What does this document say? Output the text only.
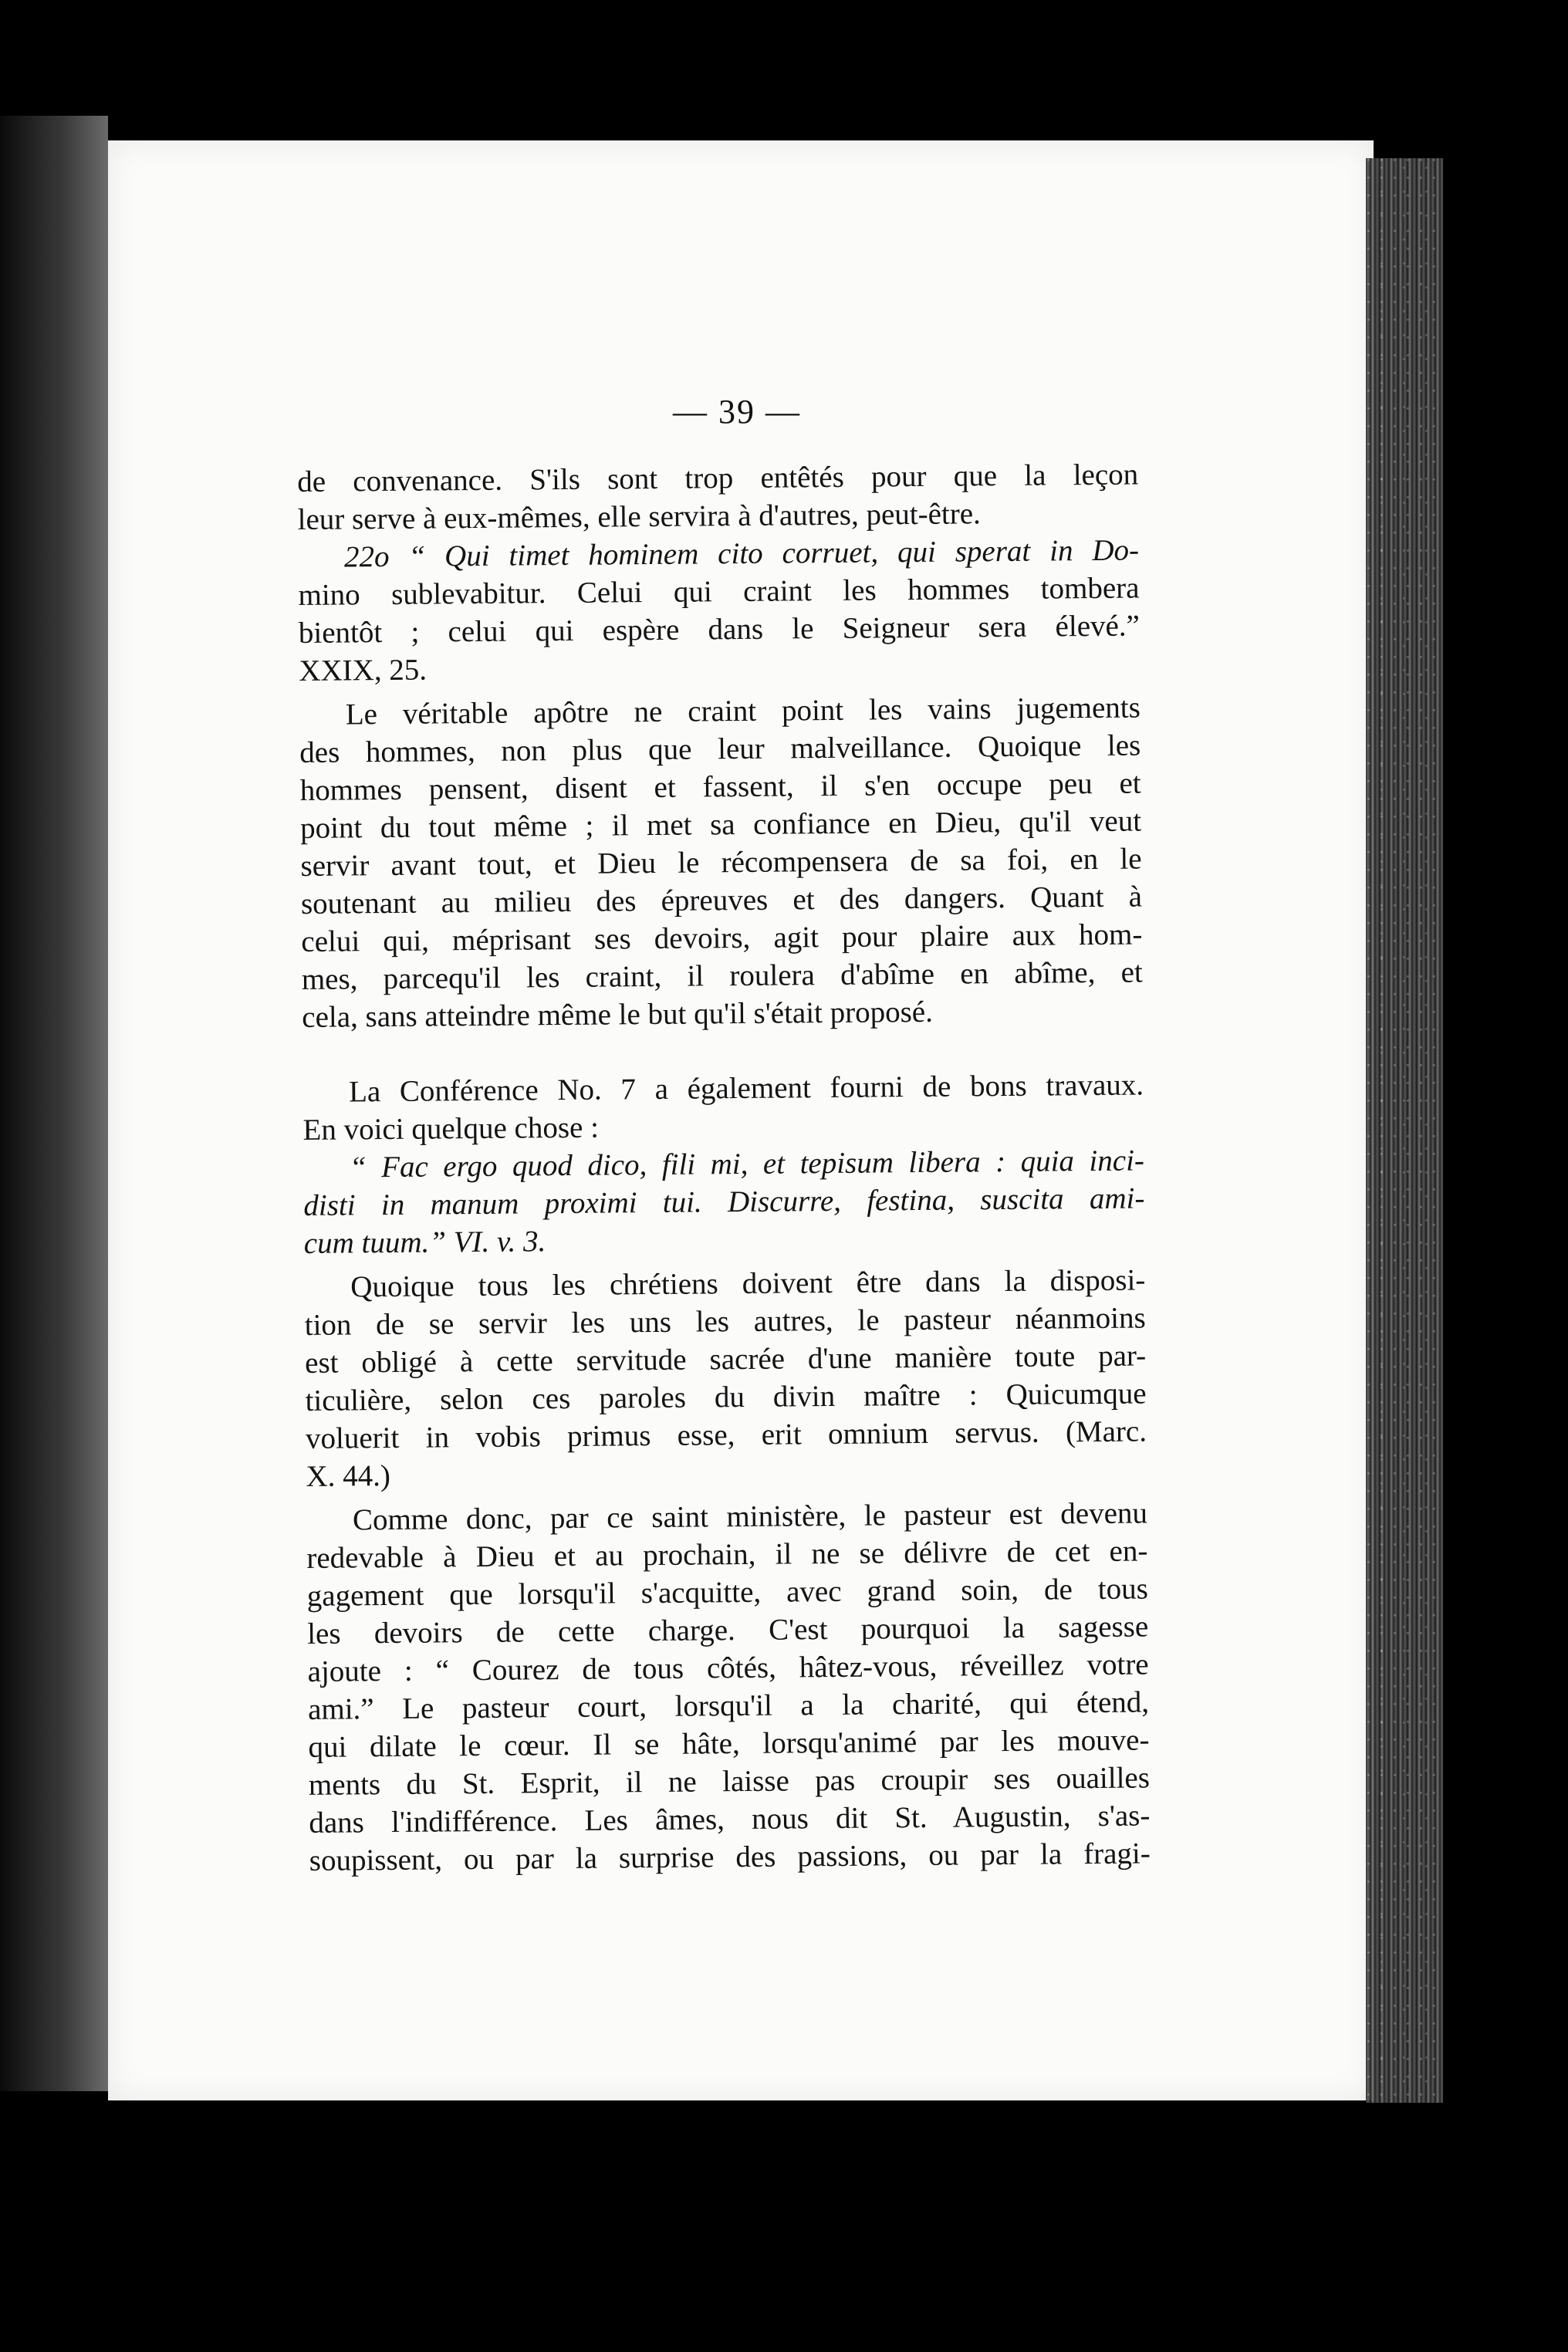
— 39 —
de convenance. S'ils sont trop entêtés pour que la leçon
leur serve à eux-mêmes, elle servira à d'autres, peut-être.
22o “ Qui timet hominem cito corruet, qui sperat in Do-
mino sublevabitur. Celui qui craint les hommes tombera
bientôt ; celui qui espère dans le Seigneur sera élevé.”
XXIX, 25.
Le véritable apôtre ne craint point les vains jugements
des hommes, non plus que leur malveillance. Quoique les
hommes pensent, disent et fassent, il s'en occupe peu et
point du tout même ; il met sa confiance en Dieu, qu'il veut
servir avant tout, et Dieu le récompensera de sa foi, en le
soutenant au milieu des épreuves et des dangers. Quant à
celui qui, méprisant ses devoirs, agit pour plaire aux hom-
mes, parcequ'il les craint, il roulera d'abîme en abîme, et
cela, sans atteindre même le but qu'il s'était proposé.
La Conférence No. 7 a également fourni de bons travaux.
En voici quelque chose :
“ Fac ergo quod dico, fili mi, et tepisum libera : quia inci-
disti in manum proximi tui. Discurre, festina, suscita ami-
cum tuum.” VI. v. 3.
Quoique tous les chrétiens doivent être dans la disposi-
tion de se servir les uns les autres, le pasteur néanmoins
est obligé à cette servitude sacrée d'une manière toute par-
ticulière, selon ces paroles du divin maître : Quicumque
voluerit in vobis primus esse, erit omnium servus. (Marc.
X. 44.)
Comme donc, par ce saint ministère, le pasteur est devenu
redevable à Dieu et au prochain, il ne se délivre de cet en-
gagement que lorsqu'il s'acquitte, avec grand soin, de tous
les devoirs de cette charge. C'est pourquoi la sagesse
ajoute : “ Courez de tous côtés, hâtez-vous, réveillez votre
ami.” Le pasteur court, lorsqu'il a la charité, qui étend,
qui dilate le cœur. Il se hâte, lorsqu'animé par les mouve-
ments du St. Esprit, il ne laisse pas croupir ses ouailles
dans l'indifférence. Les âmes, nous dit St. Augustin, s'as-
soupissent, ou par la surprise des passions, ou par la fragi-
